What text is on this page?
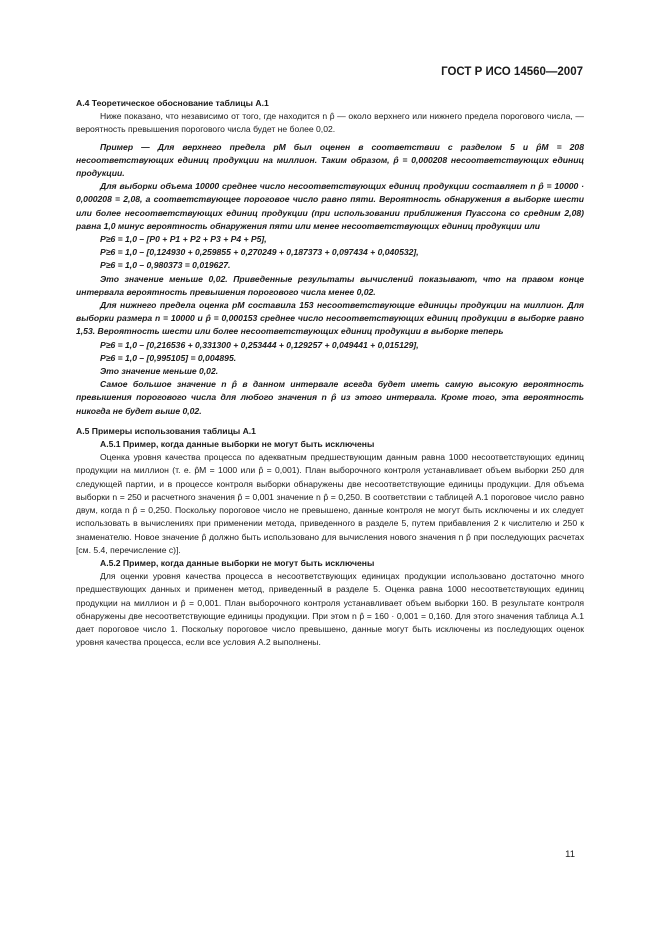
ГОСТ Р ИСО 14560—2007

А.4 Теоретическое обоснование таблицы А.1

Ниже показано, что независимо от того, где находится n p̂ — около верхнего или нижнего предела порогового числа, — вероятность превышения порогового числа будет не более 0,02.

Пример — Для верхнего предела pM был оценен в соответствии с разделом 5 и p̂M = 208 несоответствующих единиц продукции на миллион. Таким образом, p̂ = 0,000208 несоответствующих единиц продукции.

Для выборки объема 10000 среднее число несоответствующих единиц продукции составляет n p̂ = 10000 · 0,000208 = 2,08, а соответствующее пороговое число равно пяти. Вероятность обнаружения в выборке шести или более несоответствующих единиц продукции (при использовании приближения Пуассона со средним 2,08) равна 1,0 минус вероятность обнаружения пяти или менее несоответствующих единиц продукции или

P≥6 = 1,0 – [P0 + P1 + P2 + P3 + P4 + P5],

P≥6 = 1,0 – [0,124930 + 0,259855 + 0,270249 + 0,187373 + 0,097434 + 0,040532],

P≥6 = 1,0 – 0,980373 = 0,019627.

Это значение меньше 0,02. Приведенные результаты вычислений показывают, что на правом конце интервала вероятность превышения порогового числа менее 0,02.

Для нижнего предела оценка pM составила 153 несоответствующие единицы продукции на миллион. Для выборки размера n = 10000 и p̂ = 0,000153 среднее число несоответствующих единиц продукции в выборке равно 1,53. Вероятность шести или более несоответствующих единиц продукции в выборке теперь

P≥6 = 1,0 – [0,216536 + 0,331300 + 0,253444 + 0,129257 + 0,049441 + 0,015129],

P≥6 = 1,0 – [0,995105] = 0,004895.

Это значение меньше 0,02.

Самое большое значение n p̂ в данном интервале всегда будет иметь самую высокую вероятность превышения порогового числа для любого значения n p̂ из этого интервала. Кроме того, эта вероятность никогда не будет выше 0,02.

А.5 Примеры использования таблицы А.1

А.5.1 Пример, когда данные выборки не могут быть исключены

Оценка уровня качества процесса по адекватным предшествующим данным равна 1000 несоответствующих единиц продукции на миллион (т. е. p̂M = 1000 или p̂ = 0,001). План выборочного контроля устанавливает объем выборки 250 для следующей партии, и в процессе контроля выборки обнаружены две несоответствующие единицы продукции. Для объема выборки n = 250 и расчетного значения p̂ = 0,001 значение n p̂ = 0,250. В соответствии с таблицей А.1 пороговое число равно двум, когда n p̂ = 0,250. Поскольку пороговое число не превышено, данные контроля не могут быть исключены и их следует использовать в вычислениях при применении метода, приведенного в разделе 5, путем прибавления 2 к числителю и 250 к знаменателю. Новое значение p̂ должно быть использовано для вычисления нового значения n p̂ при последующих расчетах [см. 5.4, перечисление с)].

А.5.2 Пример, когда данные выборки не могут быть исключены

Для оценки уровня качества процесса в несоответствующих единицах продукции использовано достаточно много предшествующих данных и применен метод, приведенный в разделе 5. Оценка равна 1000 несоответствующих единиц продукции на миллион и p̂ = 0,001. План выборочного контроля устанавливает объем выборки 160. В результате контроля обнаружены две несоответствующие единицы продукции. При этом n p̂ = 160 · 0,001 = 0,160. Для этого значения таблица А.1 дает пороговое число 1. Поскольку пороговое число превышено, данные могут быть исключены из последующих оценок уровня качества процесса, если все условия А.2 выполнены.

11
